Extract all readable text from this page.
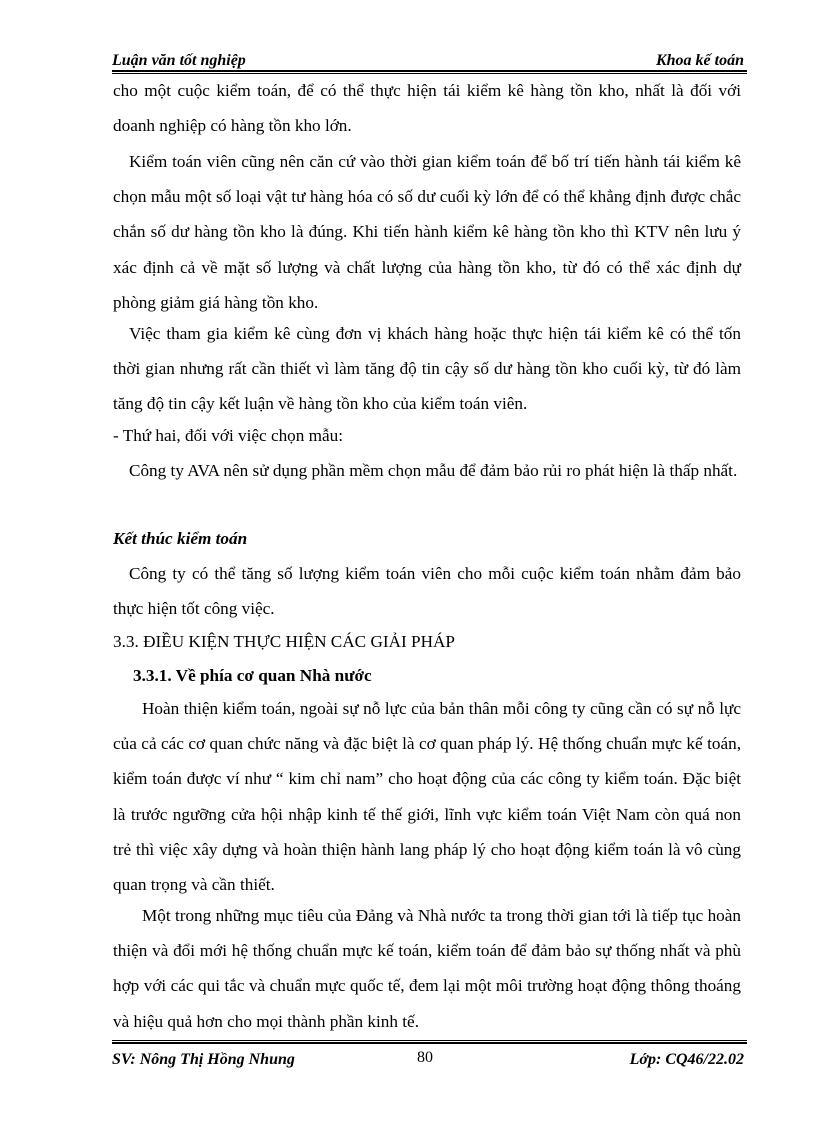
Luận văn tốt nghiệp	Khoa kế toán

cho một cuộc kiểm toán, để có thể thực hiện tái kiểm kê hàng tồn kho, nhất là đối với doanh nghiệp có hàng tồn kho lớn.

Kiểm toán viên cũng nên căn cứ vào thời gian kiểm toán để bố trí tiến hành tái kiểm kê chọn mẫu một số loại vật tư hàng hóa có số dư cuối kỳ lớn để có thể khẳng định được chắc chắn số dư hàng tồn kho là đúng. Khi tiến hành kiểm kê hàng tồn kho thì KTV nên lưu ý xác định cả về mặt số lượng và chất lượng của hàng tồn kho, từ đó có thể xác định dự phòng giảm giá hàng tồn kho.

Việc tham gia kiểm kê cùng đơn vị khách hàng hoặc thực hiện tái kiểm kê có thể tốn thời gian nhưng rất cần thiết vì làm tăng độ tin cậy số dư hàng tồn kho cuối kỳ, từ đó làm tăng độ tin cậy kết luận về hàng tồn kho của kiểm toán viên.

- Thứ hai, đối với việc chọn mẫu:

Công ty AVA nên sử dụng phần mềm chọn mẫu để đảm bảo rủi ro phát hiện là thấp nhất.

Kết thúc kiểm toán

Công ty có thể tăng số lượng kiểm toán viên cho mỗi cuộc kiểm toán nhằm đảm bảo thực hiện tốt công việc.

3.3. ĐIỀU KIỆN THỰC HIỆN CÁC GIẢI PHÁP

3.3.1. Về phía cơ quan Nhà nước

Hoàn thiện kiểm toán, ngoài sự nỗ lực của bản thân mỗi công ty cũng cần có sự nỗ lực của cả các cơ quan chức năng và đặc biệt là cơ quan pháp lý. Hệ thống chuẩn mực kế toán, kiểm toán được ví như “ kim chỉ nam” cho hoạt động của các công ty kiểm toán. Đặc biệt là trước ngưỡng cửa hội nhập kinh tế thế giới, lĩnh vực kiểm toán Việt Nam còn quá non trẻ thì việc xây dựng và hoàn thiện hành lang pháp lý cho hoạt động kiểm toán là vô cùng quan trọng và cần thiết.

Một trong những mục tiêu của Đảng và Nhà nước ta trong thời gian tới là tiếp tục hoàn thiện và đổi mới hệ thống chuẩn mực kế toán, kiểm toán để đảm bảo sự thống nhất và phù hợp với các qui tắc và chuẩn mực quốc tế, đem lại một môi trường hoạt động thông thoáng và hiệu quả hơn cho mọi thành phần kinh tế.

SV: Nông Thị Hồng Nhung	80	Lớp: CQ46/22.02
